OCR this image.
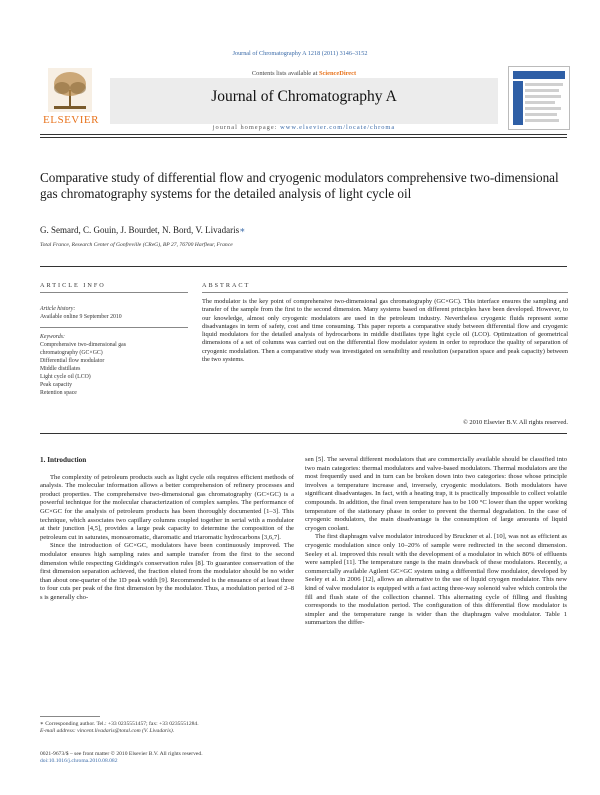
Journal of Chromatography A 1218 (2011) 3146–3152
ELSEVIER
Contents lists available at ScienceDirect
Journal of Chromatography A
journal homepage: www.elsevier.com/locate/chroma
Comparative study of differential flow and cryogenic modulators comprehensive two-dimensional gas chromatography systems for the detailed analysis of light cycle oil
G. Semard, C. Gouin, J. Bourdet, N. Bord, V. Livadaris∗
Total France, Research Center of Gonfreville (CReG), BP 27, 76700 Harfleur, France
ARTICLE INFO	ABSTRACT
Article history:
Available online 9 September 2010
Keywords:
Comprehensive two-dimensional gas
chromatography (GC×GC)
Differential flow modulator
Middle distillates
Light cycle oil (LCO)
Peak capacity
Retention space
The modulator is the key point of comprehensive two-dimensional gas chromatography (GC×GC). This interface ensures the sampling and transfer of the sample from the first to the second dimension. Many systems based on different principles have been developed. However, to our knowledge, almost only cryogenic modulators are used in the petroleum industry. Nevertheless cryogenic fluids represent some disadvantages in term of safety, cost and time consuming. This paper reports a comparative study between differential flow and cryogenic liquid modulators for the detailed analysis of hydrocarbons in middle distillates type light cycle oil (LCO). Optimization of geometrical dimensions of a set of columns was carried out on the differential flow modulator system in order to reproduce the quality of separation of cryogenic modulation. Then a comparative study was investigated on sensibility and resolution (separation space and peak capacity) between the two systems.
© 2010 Elsevier B.V. All rights reserved.

1. Introduction

The complexity of petroleum products such as light cycle oils requires efficient methods of analysis. The molecular information allows a better comprehension of refinery processes and product properties. The comprehensive two-dimensional gas chromatography (GC×GC) is a powerful technique for the molecular characterization of complex samples. The performance of GC×GC for the analysis of petroleum products has been thoroughly documented [1–3]. This technique, which associates two capillary columns coupled together in serial with a modulator at their junction [4,5], provides a large peak capacity to determine the composition of the petroleum cut in saturates, monoaromatic, diaromatic and triaromatic hydrocarbons [3,6,7].

Since the introduction of GC×GC, modulators have been continuously improved. The modulator ensures high sampling rates and sample transfer from the first to the second dimension while respecting Giddings's conservation rules [8]. To guarantee conservation of the first dimension separation achieved, the fraction eluted from the modulator should be no wider than about one-quarter of the 1D peak width [9]. Recommended is the ensuance of at least three to four cuts per peak of the first dimension by the modulator. Thus, a modulation period of 2–8 s is generally cho-

sen [5]. The several different modulators that are commercially available should be classified into two main categories: thermal modulators and valve-based modulators. Thermal modulators are the most frequently used and in turn can be broken down into two categories: those whose principle involves a temperature increase and, inversely, cryogenic modulators. Both modulators have significant disadvantages. In fact, with a heating trap, it is practically impossible to collect volatile compounds. In addition, the final oven temperature has to be 100 °C lower than the upper working temperature of the stationary phase in order to prevent the thermal degradation. In the case of cryogenic modulators, the main disadvantage is the consumption of large amounts of liquid cryogen coolant.

The first diaphragm valve modulator introduced by Bruckner et al. [10], was not as efficient as cryogenic modulation since only 10–20% of sample were redirected in the second dimension. Seeley et al. improved this result with the development of a modulator in which 80% of effluents were sampled [11]. The temperature range is the main drawback of these modulators. Recently, a commercially available Agilent GC×GC system using a differential flow modulator, developed by Seeley et al. in 2006 [12], allows an alternative to the use of liquid cryogen modulator. This new kind of valve modulator is equipped with a fast acting three-way solenoid valve which controls the fill and flush state of the collection channel. This alternating cycle of filling and flushing corresponds to the modulation period. The configuration of this differential flow modulator is simpler and the temperature range is wider than the diaphragm valve modulator. Table 1 summarizes the differ-

∗ Corresponding author. Tel.: +33 0235551457; fax: +33 0235551284.
E-mail address: vincent.livadaris@total.com (V. Livadaris).
0021-9673/$ – see front matter © 2010 Elsevier B.V. All rights reserved.
doi:10.1016/j.chroma.2010.08.082
